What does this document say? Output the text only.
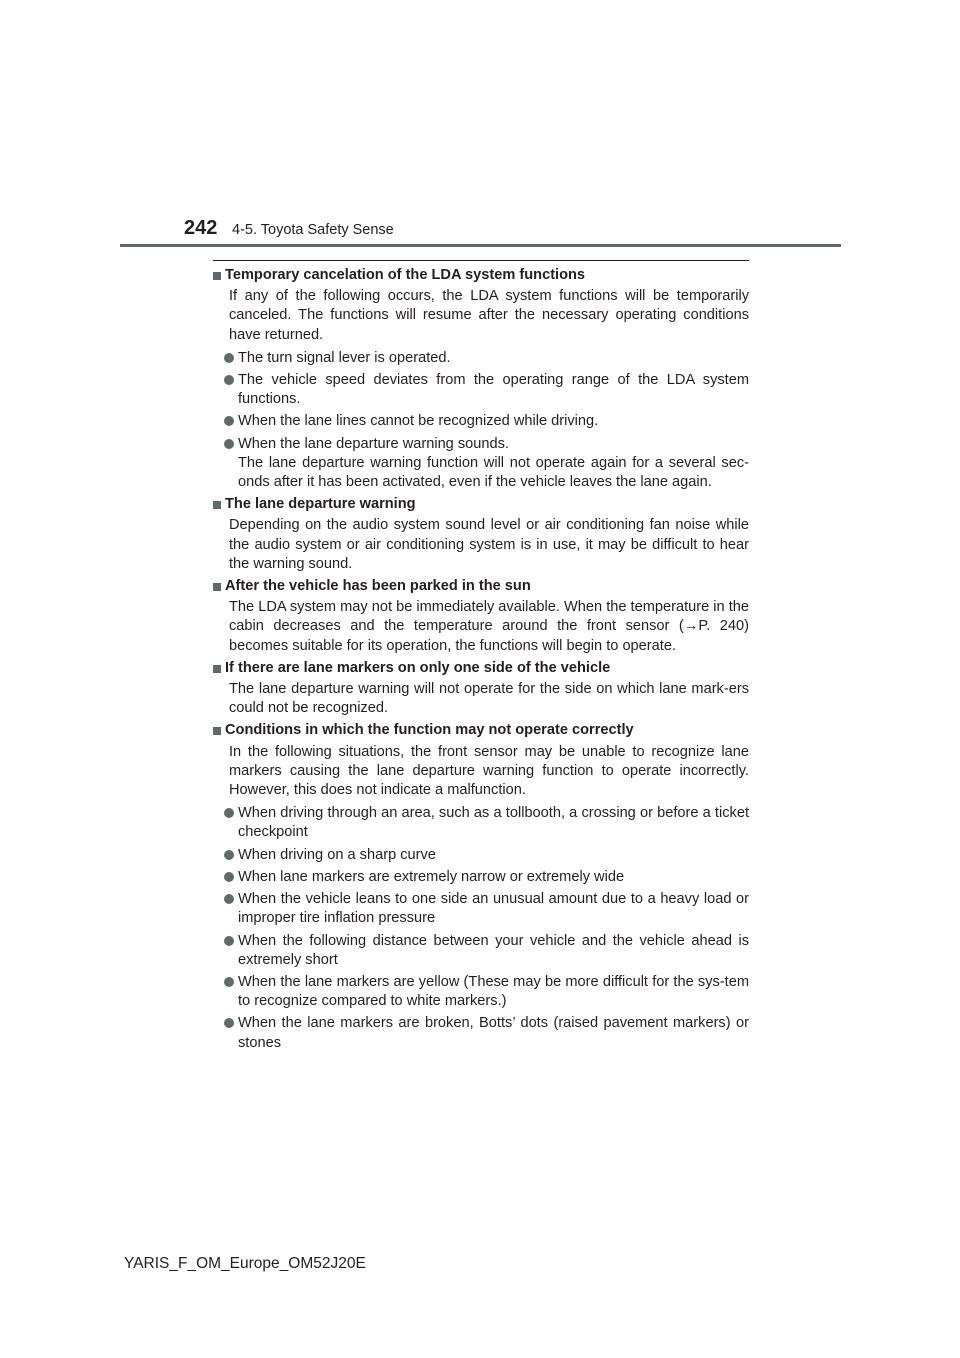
242 4-5. Toyota Safety Sense
Temporary cancelation of the LDA system functions
If any of the following occurs, the LDA system functions will be temporarily canceled. The functions will resume after the necessary operating conditions have returned.
The turn signal lever is operated.
The vehicle speed deviates from the operating range of the LDA system functions.
When the lane lines cannot be recognized while driving.
When the lane departure warning sounds.
The lane departure warning function will not operate again for a several sec-onds after it has been activated, even if the vehicle leaves the lane again.
The lane departure warning
Depending on the audio system sound level or air conditioning fan noise while the audio system or air conditioning system is in use, it may be difficult to hear the warning sound.
After the vehicle has been parked in the sun
The LDA system may not be immediately available. When the temperature in the cabin decreases and the temperature around the front sensor (→P. 240) becomes suitable for its operation, the functions will begin to operate.
If there are lane markers on only one side of the vehicle
The lane departure warning will not operate for the side on which lane mark-ers could not be recognized.
Conditions in which the function may not operate correctly
In the following situations, the front sensor may be unable to recognize lane markers causing the lane departure warning function to operate incorrectly. However, this does not indicate a malfunction.
When driving through an area, such as a tollbooth, a crossing or before a ticket checkpoint
When driving on a sharp curve
When lane markers are extremely narrow or extremely wide
When the vehicle leans to one side an unusual amount due to a heavy load or improper tire inflation pressure
When the following distance between your vehicle and the vehicle ahead is extremely short
When the lane markers are yellow (These may be more difficult for the sys-tem to recognize compared to white markers.)
When the lane markers are broken, Botts’ dots (raised pavement markers) or stones
YARIS_F_OM_Europe_OM52J20E
